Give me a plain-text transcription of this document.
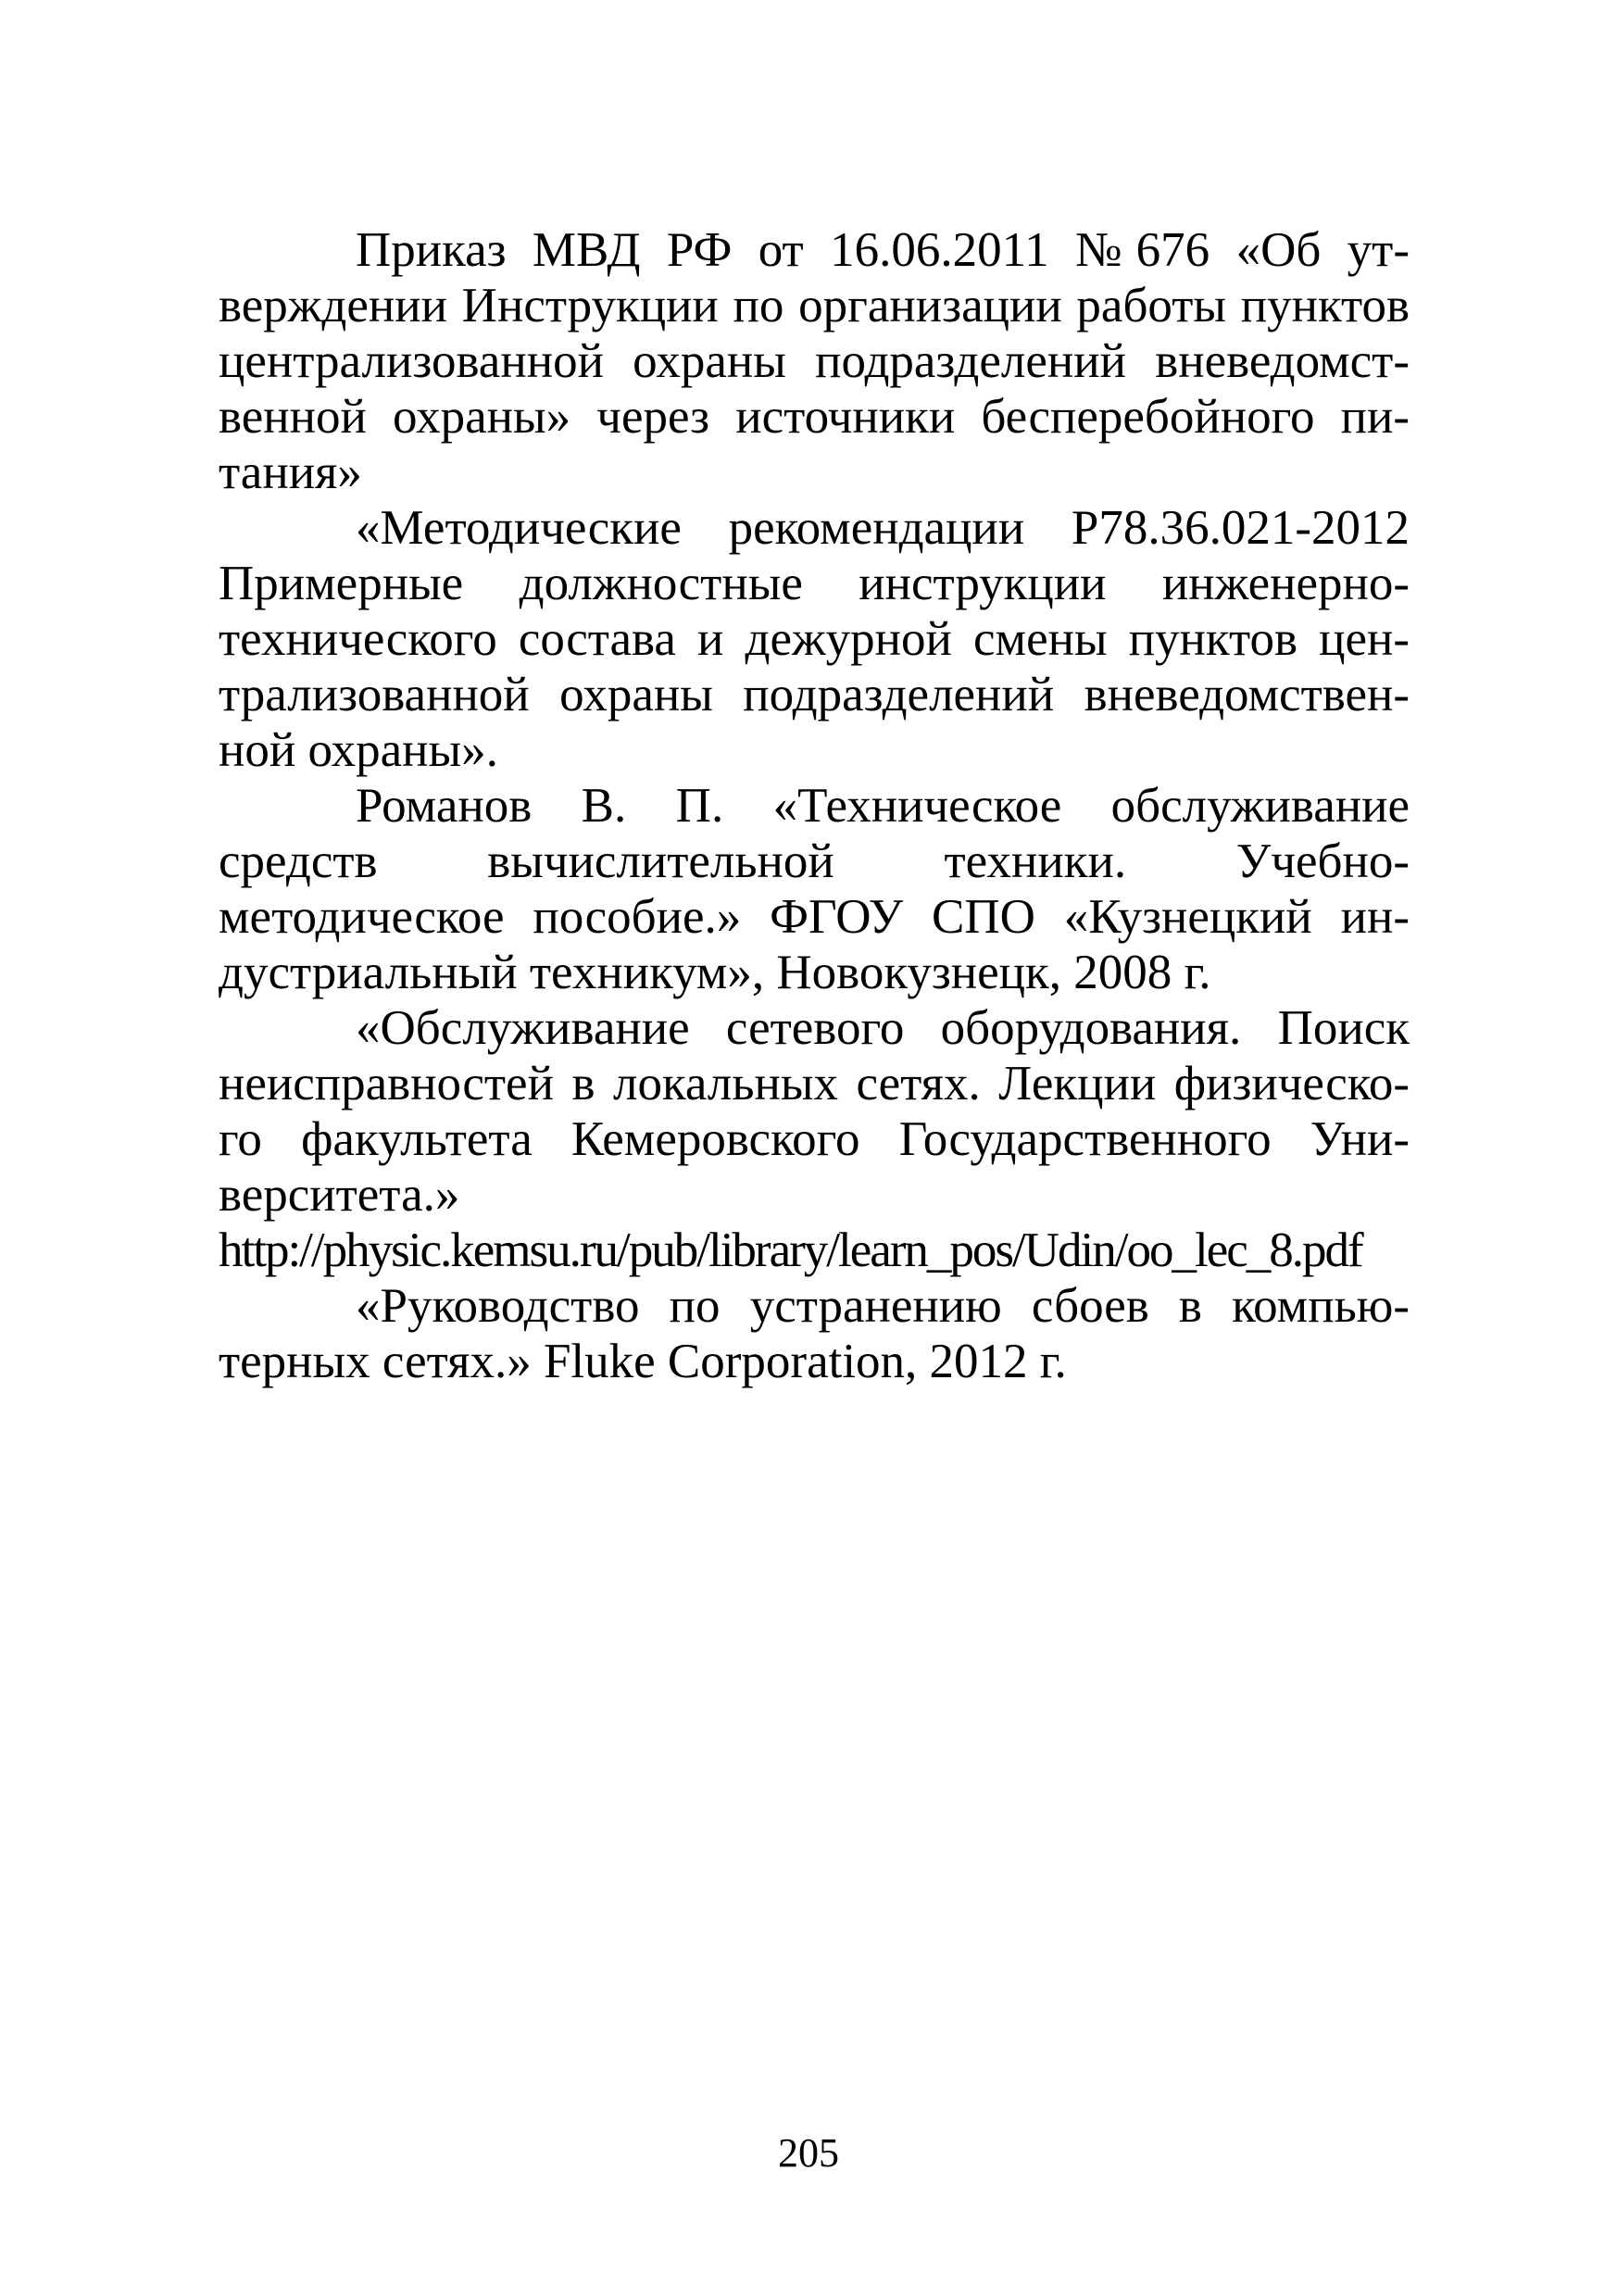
Приказ МВД РФ от 16.06.2011 №676 «Об ут-
верждении Инструкции по организации работы пунктов
централизованной охраны подразделений вневедомст-
венной охраны» через источники бесперебойного пи-
тания»
«Методические рекомендации Р78.36.021-2012
Примерные должностные инструкции инженерно-
технического состава и дежурной смены пунктов цен-
трализованной охраны подразделений вневедомствен-
ной охраны».
Романов В. П. «Техническое обслуживание
средств вычислительной техники. Учебно-
методическое пособие.» ФГОУ СПО «Кузнецкий ин-
дустриальный техникум», Новокузнецк, 2008 г.
«Обслуживание сетевого оборудования. Поиск
неисправностей в локальных сетях. Лекции физическо-
го факультета Кемеровского Государственного Уни-
верситета.»
http://physic.kemsu.ru/pub/library/learn_pos/Udin/oo_lec_8.pdf
«Руководство по устранению сбоев в компью-
терных сетях.» Fluke Corporation, 2012 г.
205
